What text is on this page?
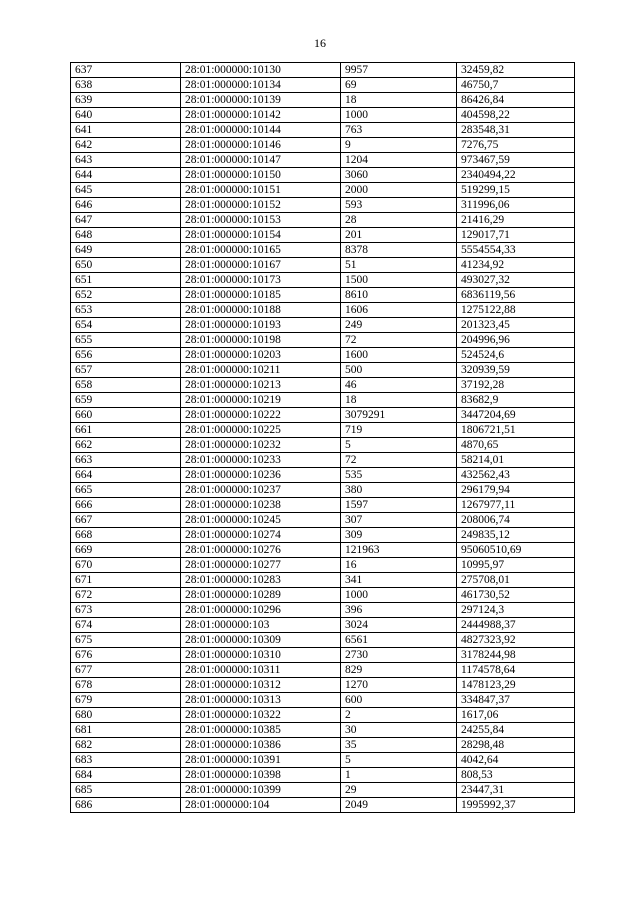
16
637	28:01:000000:10130	9957	32459,82
638	28:01:000000:10134	69	46750,7
639	28:01:000000:10139	18	86426,84
640	28:01:000000:10142	1000	404598,22
641	28:01:000000:10144	763	283548,31
642	28:01:000000:10146	9	7276,75
643	28:01:000000:10147	1204	973467,59
644	28:01:000000:10150	3060	2340494,22
645	28:01:000000:10151	2000	519299,15
646	28:01:000000:10152	593	311996,06
647	28:01:000000:10153	28	21416,29
648	28:01:000000:10154	201	129017,71
649	28:01:000000:10165	8378	5554554,33
650	28:01:000000:10167	51	41234,92
651	28:01:000000:10173	1500	493027,32
652	28:01:000000:10185	8610	6836119,56
653	28:01:000000:10188	1606	1275122,88
654	28:01:000000:10193	249	201323,45
655	28:01:000000:10198	72	204996,96
656	28:01:000000:10203	1600	524524,6
657	28:01:000000:10211	500	320939,59
658	28:01:000000:10213	46	37192,28
659	28:01:000000:10219	18	83682,9
660	28:01:000000:10222	3079291	3447204,69
661	28:01:000000:10225	719	1806721,51
662	28:01:000000:10232	5	4870,65
663	28:01:000000:10233	72	58214,01
664	28:01:000000:10236	535	432562,43
665	28:01:000000:10237	380	296179,94
666	28:01:000000:10238	1597	1267977,11
667	28:01:000000:10245	307	208006,74
668	28:01:000000:10274	309	249835,12
669	28:01:000000:10276	121963	95060510,69
670	28:01:000000:10277	16	10995,97
671	28:01:000000:10283	341	275708,01
672	28:01:000000:10289	1000	461730,52
673	28:01:000000:10296	396	297124,3
674	28:01:000000:103	3024	2444988,37
675	28:01:000000:10309	6561	4827323,92
676	28:01:000000:10310	2730	3178244,98
677	28:01:000000:10311	829	1174578,64
678	28:01:000000:10312	1270	1478123,29
679	28:01:000000:10313	600	334847,37
680	28:01:000000:10322	2	1617,06
681	28:01:000000:10385	30	24255,84
682	28:01:000000:10386	35	28298,48
683	28:01:000000:10391	5	4042,64
684	28:01:000000:10398	1	808,53
685	28:01:000000:10399	29	23447,31
686	28:01:000000:104	2049	1995992,37
